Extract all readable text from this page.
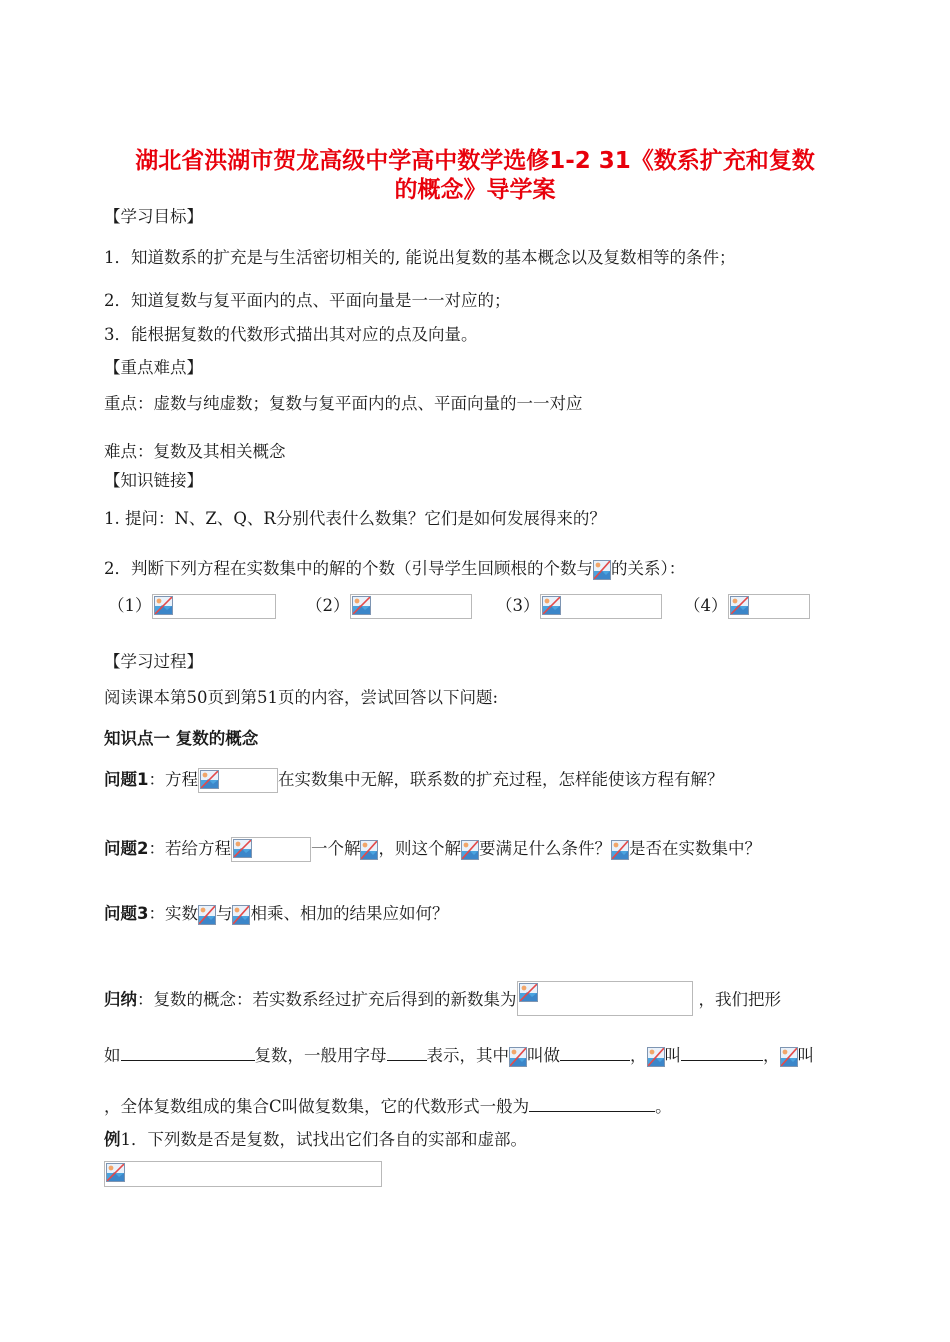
湖北省洪湖市贺龙高级中学高中数学选修1-2 31《数系扩充和复数
的概念》导学案
【学习目标】
1．知道数系的扩充是与生活密切相关的, 能说出复数的基本概念以及复数相等的条件；
2．知道复数与复平面内的点、平面向量是一一对应的；
3．能根据复数的代数形式描出其对应的点及向量。
【重点难点】
重点：虚数与纯虚数；复数与复平面内的点、平面向量的一一对应
难点：复数及其相关概念
【知识链接】
1. 提问：N、Z、Q、R分别代表什么数集？它们是如何发展得来的？
2．判断下列方程在实数集中的解的个数（引导学生回顾根的个数与 的关系）：
（1）	（2）	（3）	（4）
【学习过程】
阅读课本第50页到第51页的内容，尝试回答以下问题:
知识点一 复数的概念
问题1：方程	在实数集中无解，联系数的扩充过程，怎样能使该方程有解？
问题2：若给方程	一个解 ，则这个解 要满足什么条件？ 是否在实数集中？
问题3：实数 与 相乘、相加的结果应如何？
归纳：复数的概念：若实数系经过扩充后得到的新数集为	，我们把形
如	复数，一般用字母 表示，其中 叫做	， 叫	， 叫
，全体复数组成的集合C叫做复数集，它的代数形式一般为	。
例1．下列数是否是复数，试找出它们各自的实部和虚部。
